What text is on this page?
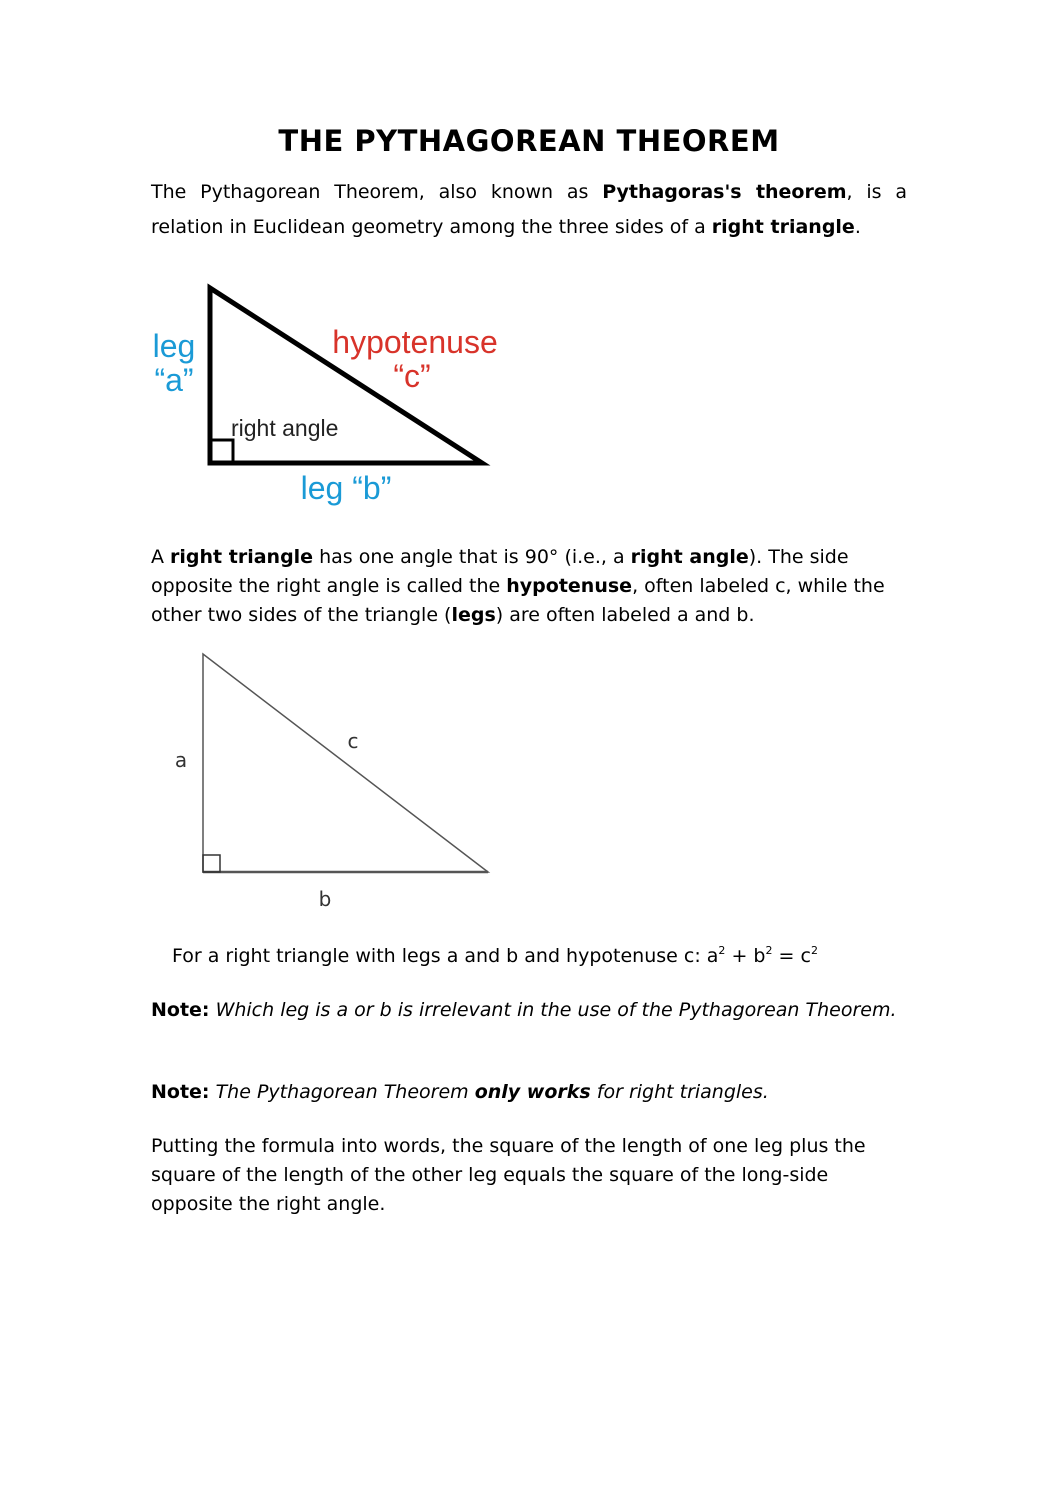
THE PYTHAGOREAN THEOREM

The Pythagorean Theorem, also known as Pythagoras's theorem, is a relation in Euclidean geometry among the three sides of a right triangle.

leg
“a”
hypotenuse
“c”
right angle
leg “b”

A right triangle has one angle that is 90° (i.e., a right angle). The side opposite the right angle is called the hypotenuse, often labeled c, while the other two sides of the triangle (legs) are often labeled a and b.

a
c
b

For a right triangle with legs a and b and hypotenuse c: $a^2 + b^2 = c^2$

Note: Which leg is a or b is irrelevant in the use of the Pythagorean Theorem.

Note: The Pythagorean Theorem only works for right triangles.

Putting the formula into words, the square of the length of one leg plus the square of the length of the other leg equals the square of the long-side opposite the right angle.
